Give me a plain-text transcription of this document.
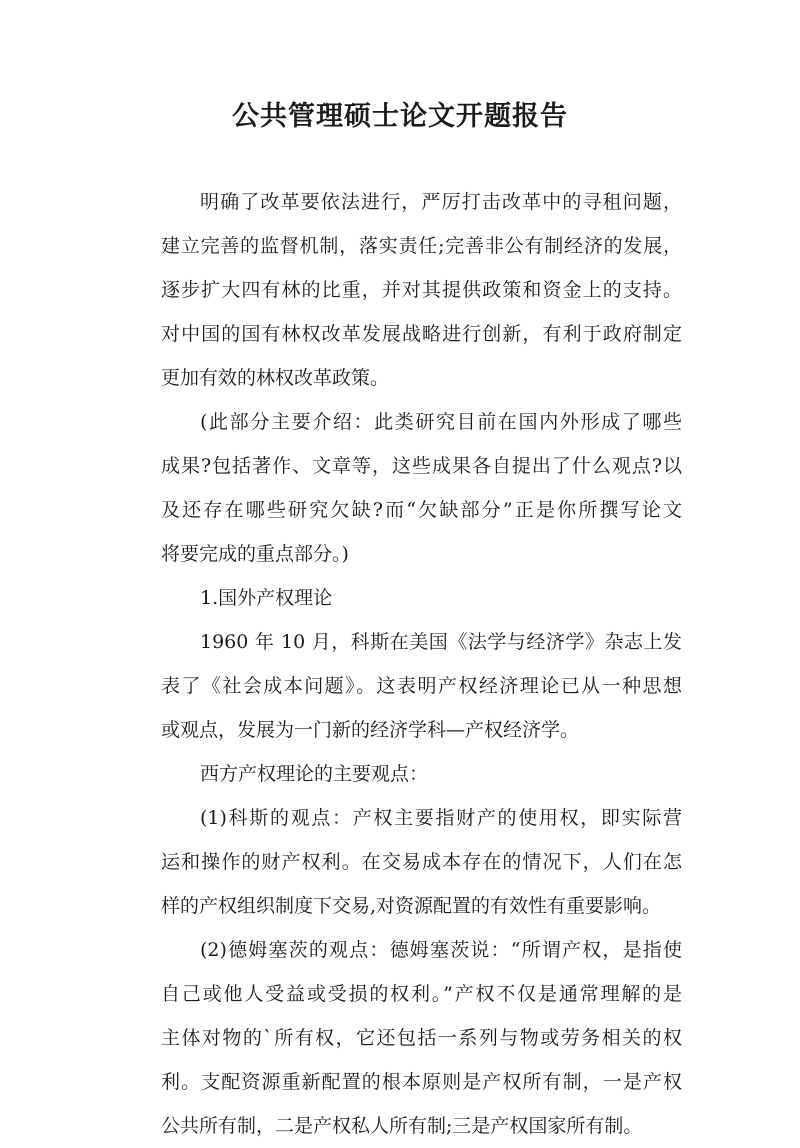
公共管理硕士论文开题报告

明确了改革要依法进行，严厉打击改革中的寻租问题，
建立完善的监督机制，落实责任;完善非公有制经济的发展，
逐步扩大四有林的比重，并对其提供政策和资金上的支持。
对中国的国有林权改革发展战略进行创新，有利于政府制定
更加有效的林权改革政策。

(此部分主要介绍：此类研究目前在国内外形成了哪些
成果?包括著作、文章等，这些成果各自提出了什么观点?以
及还存在哪些研究欠缺?而“欠缺部分”正是你所撰写论文
将要完成的重点部分。)

1.国外产权理论

1960 年 10 月，科斯在美国《法学与经济学》杂志上发
表了《社会成本问题》。这表明产权经济理论已从一种思想
或观点，发展为一门新的经济学科—产权经济学。

西方产权理论的主要观点：

(1)科斯的观点：产权主要指财产的使用权，即实际营
运和操作的财产权利。在交易成本存在的情况下，人们在怎
样的产权组织制度下交易,对资源配置的有效性有重要影响。

(2)德姆塞茨的观点：德姆塞茨说：“所谓产权，是指使
自己或他人受益或受损的权利。”产权不仅是通常理解的是
主体对物的`所有权，它还包括一系列与物或劳务相关的权
利。支配资源重新配置的根本原则是产权所有制，一是产权
公共所有制，二是产权私人所有制;三是产权国家所有制。
